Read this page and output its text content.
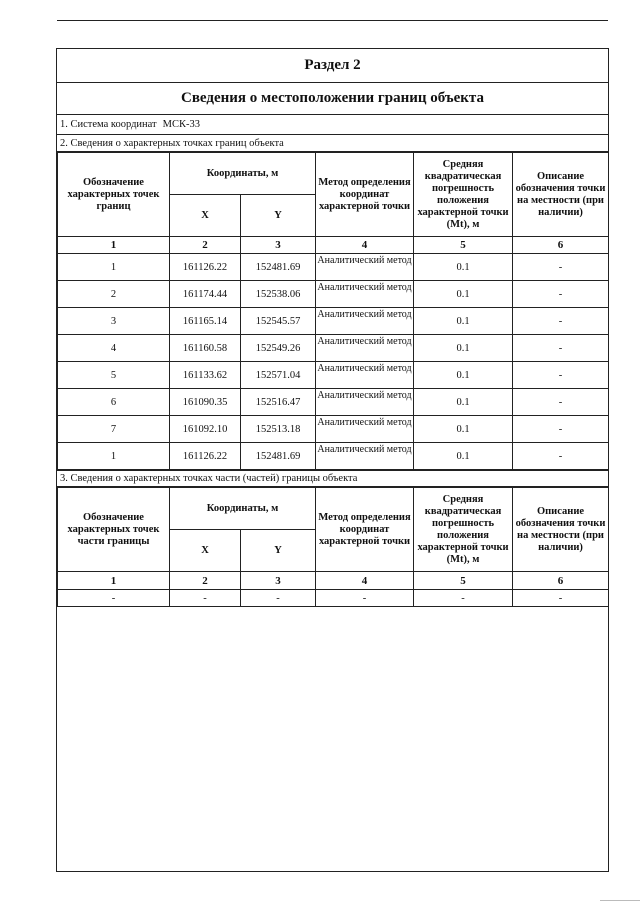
Раздел 2
Сведения о местоположении границ объекта
1. Система координат МСК-33
2. Сведения о характерных точках границ объекта
Обозначение характерных точек границ	Координаты, м		Метод определения координат характерной точки	Средняя квадратическая погрешность положения характерной точки (Mt), м	Описание обозначения точки на местности (при наличии)
	X	Y			
1	2	3	4	5	6
1	161126.22	152481.69	Аналитический метод	0.1	-
2	161174.44	152538.06	Аналитический метод	0.1	-
3	161165.14	152545.57	Аналитический метод	0.1	-
4	161160.58	152549.26	Аналитический метод	0.1	-
5	161133.62	152571.04	Аналитический метод	0.1	-
6	161090.35	152516.47	Аналитический метод	0.1	-
7	161092.10	152513.18	Аналитический метод	0.1	-
1	161126.22	152481.69	Аналитический метод	0.1	-
3. Сведения о характерных точках части (частей) границы объекта
Обозначение характерных точек части границы	Координаты, м		Метод определения координат характерной точки	Средняя квадратическая погрешность положения характерной точки (Mt), м	Описание обозначения точки на местности (при наличии)
	X	Y			
1	2	3	4	5	6
-	-	-	-	-	-
